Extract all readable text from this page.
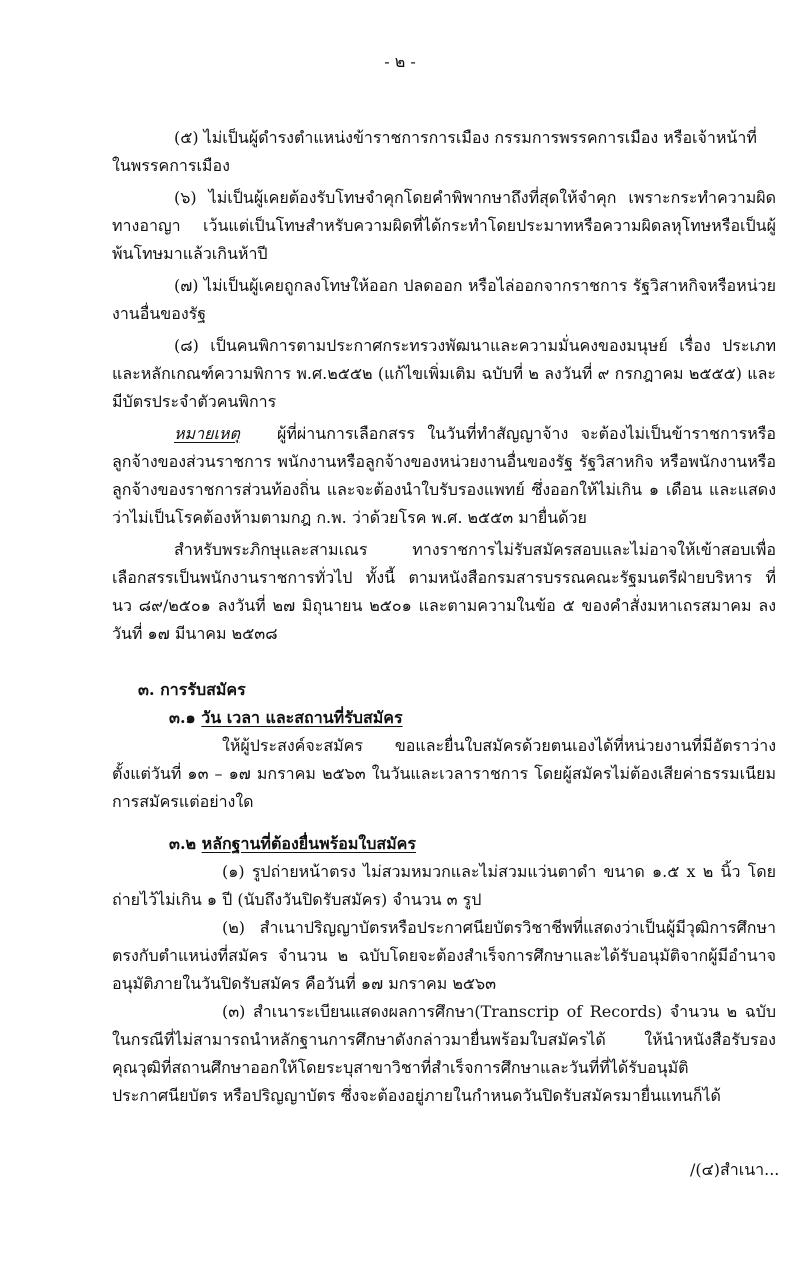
- ๒ -

(๕) ไม่เป็นผู้ดำรงตำแหน่งข้าราชการการเมือง กรรมการพรรคการเมือง หรือเจ้าหน้าที่

ในพรรคการเมือง

(๖) ไม่เป็นผู้เคยต้องรับโทษจำคุกโดยคำพิพากษาถึงที่สุดให้จำคุก เพราะกระทำความผิดทางอาญา เว้นแต่เป็นโทษสำหรับความผิดที่ได้กระทำโดยประมาทหรือความผิดลหุโทษหรือเป็นผู้พ้นโทษมาแล้วเกินห้าปี

(๗) ไม่เป็นผู้เคยถูกลงโทษให้ออก ปลดออก หรือไล่ออกจากราชการ รัฐวิสาหกิจหรือหน่วยงานอื่นของรัฐ

(๘) เป็นคนพิการตามประกาศกระทรวงพัฒนาและความมั่นคงของมนุษย์ เรื่อง ประเภทและหลักเกณฑ์ความพิการ พ.ศ.๒๕๕๒ (แก้ไขเพิ่มเติม ฉบับที่ ๒ ลงวันที่ ๙ กรกฎาคม ๒๕๕๕) และมีบัตรประจำตัวคนพิการ

หมายเหตุ ผู้ที่ผ่านการเลือกสรร ในวันที่ทำสัญญาจ้าง จะต้องไม่เป็นข้าราชการหรือลูกจ้างของส่วนราชการ พนักงานหรือลูกจ้างของหน่วยงานอื่นของรัฐ รัฐวิสาหกิจ หรือพนักงานหรือลูกจ้างของราชการส่วนท้องถิ่น และจะต้องนำใบรับรองแพทย์ ซึ่งออกให้ไม่เกิน ๑ เดือน และแสดงว่าไม่เป็นโรคต้องห้ามตามกฎ ก.พ. ว่าด้วยโรค พ.ศ. ๒๕๕๓ มายื่นด้วย

สำหรับพระภิกษุและสามเณร ทางราชการไม่รับสมัครสอบและไม่อาจให้เข้าสอบเพื่อเลือกสรรเป็นพนักงานราชการทั่วไป ทั้งนี้ ตามหนังสือกรมสารบรรณคณะรัฐมนตรีฝ่ายบริหาร ที่ นว ๘๙/๒๕๐๑ ลงวันที่ ๒๗ มิถุนายน ๒๕๐๑ และตามความในข้อ ๕ ของคำสั่งมหาเถรสมาคม ลงวันที่ ๑๗ มีนาคม ๒๕๓๘

๓. การรับสมัคร

๓.๑ วัน เวลา และสถานที่รับสมัคร

ให้ผู้ประสงค์จะสมัคร ขอและยื่นใบสมัครด้วยตนเองได้ที่หน่วยงานที่มีอัตราว่าง ตั้งแต่วันที่ ๑๓ – ๑๗ มกราคม ๒๕๖๓ ในวันและเวลาราชการ โดยผู้สมัครไม่ต้องเสียค่าธรรมเนียมการสมัครแต่อย่างใด

๓.๒ หลักฐานที่ต้องยื่นพร้อมใบสมัคร

(๑) รูปถ่ายหน้าตรง ไม่สวมหมวกและไม่สวมแว่นตาดำ ขนาด ๑.๕ x ๒ นิ้ว โดยถ่ายไว้ไม่เกิน ๑ ปี (นับถึงวันปิดรับสมัคร) จำนวน ๓ รูป

(๒) สำเนาปริญญาบัตรหรือประกาศนียบัตรวิชาชีพที่แสดงว่าเป็นผู้มีวุฒิการศึกษาตรงกับตำแหน่งที่สมัคร จำนวน ๒ ฉบับโดยจะต้องสำเร็จการศึกษาและได้รับอนุมัติจากผู้มีอำนาจอนุมัติภายในวันปิดรับสมัคร คือวันที่ ๑๗ มกราคม ๒๕๖๓

(๓) สำเนาระเบียนแสดงผลการศึกษา(Transcrip of Records) จำนวน ๒ ฉบับ ในกรณีที่ไม่สามารถนำหลักฐานการศึกษาดังกล่าวมายื่นพร้อมใบสมัครได้ ให้นำหนังสือรับรองคุณวุฒิที่สถานศึกษาออกให้โดยระบุสาขาวิชาที่สำเร็จการศึกษาและวันที่ที่ได้รับอนุมัติประกาศนียบัตร หรือปริญญาบัตร ซึ่งจะต้องอยู่ภายในกำหนดวันปิดรับสมัครมายื่นแทนก็ได้

/(๔)สำเนา...
